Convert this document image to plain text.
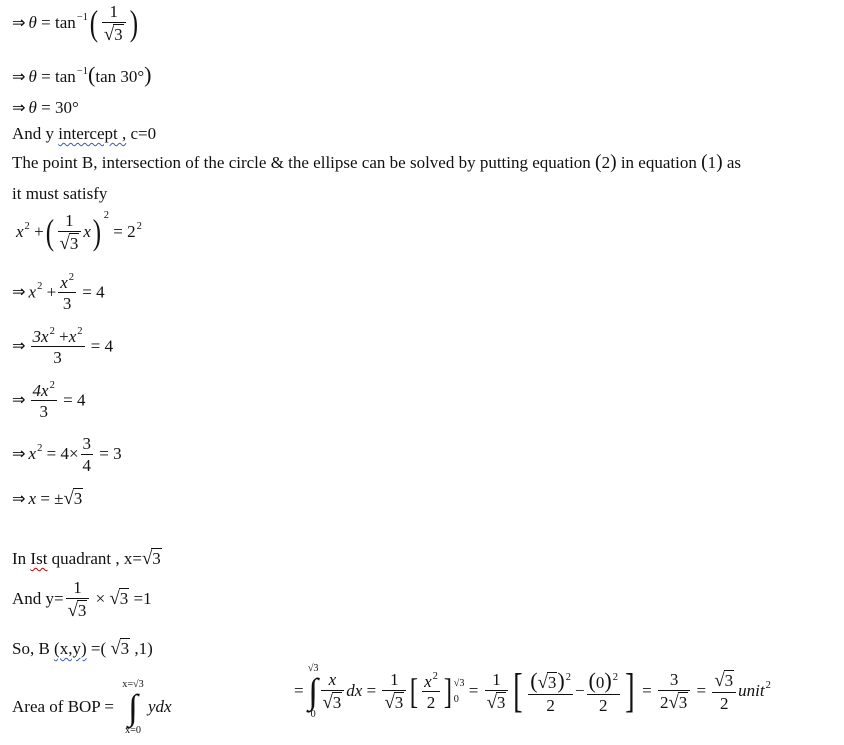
⇒ $\theta = \tan^{-1}( \frac{1}{√3}$ )
⇒ $\theta = \tan^{-1}(\tan$ 30°)
⇒ θ = 30°
And y intercept , c=0
The point B, intersection of the circle & the ellipse can be solved by putting equation (2) in equation (1) as
it must satisfy
$x^2$ +( $\frac{1}{√3} x$) $^2 = 2^2$
⇒ $x^2 + \frac{x^2}{3} = 4$
⇒ $\frac{3x^2 +x^2}{3} = 4$
⇒ $\frac{4x^2}{3} = 4$
⇒ $x^2 = 4\times \frac{3}{4} = 3$
⇒ x = ±√3
In Ist quadrant , x=√3
And $y= \frac{1}{√3} \times √3 =1$
So, B (x,y) =( √3 ,1)
Area of BOP =
x=√3
∫
x=0
ydx
=
√3
∫
0
$\frac{x}{√3}$ dx = $\frac{1}{√3}$ [ $\frac{x^2}{2}$ ] √3
$0 = \frac{1}{√3}$ [ $\frac{(√3)^2}{2} - \frac{(0)^2}{2}$ ] = $\frac{3}{2√3} = \frac{√3}{2}$ unit$^2$
